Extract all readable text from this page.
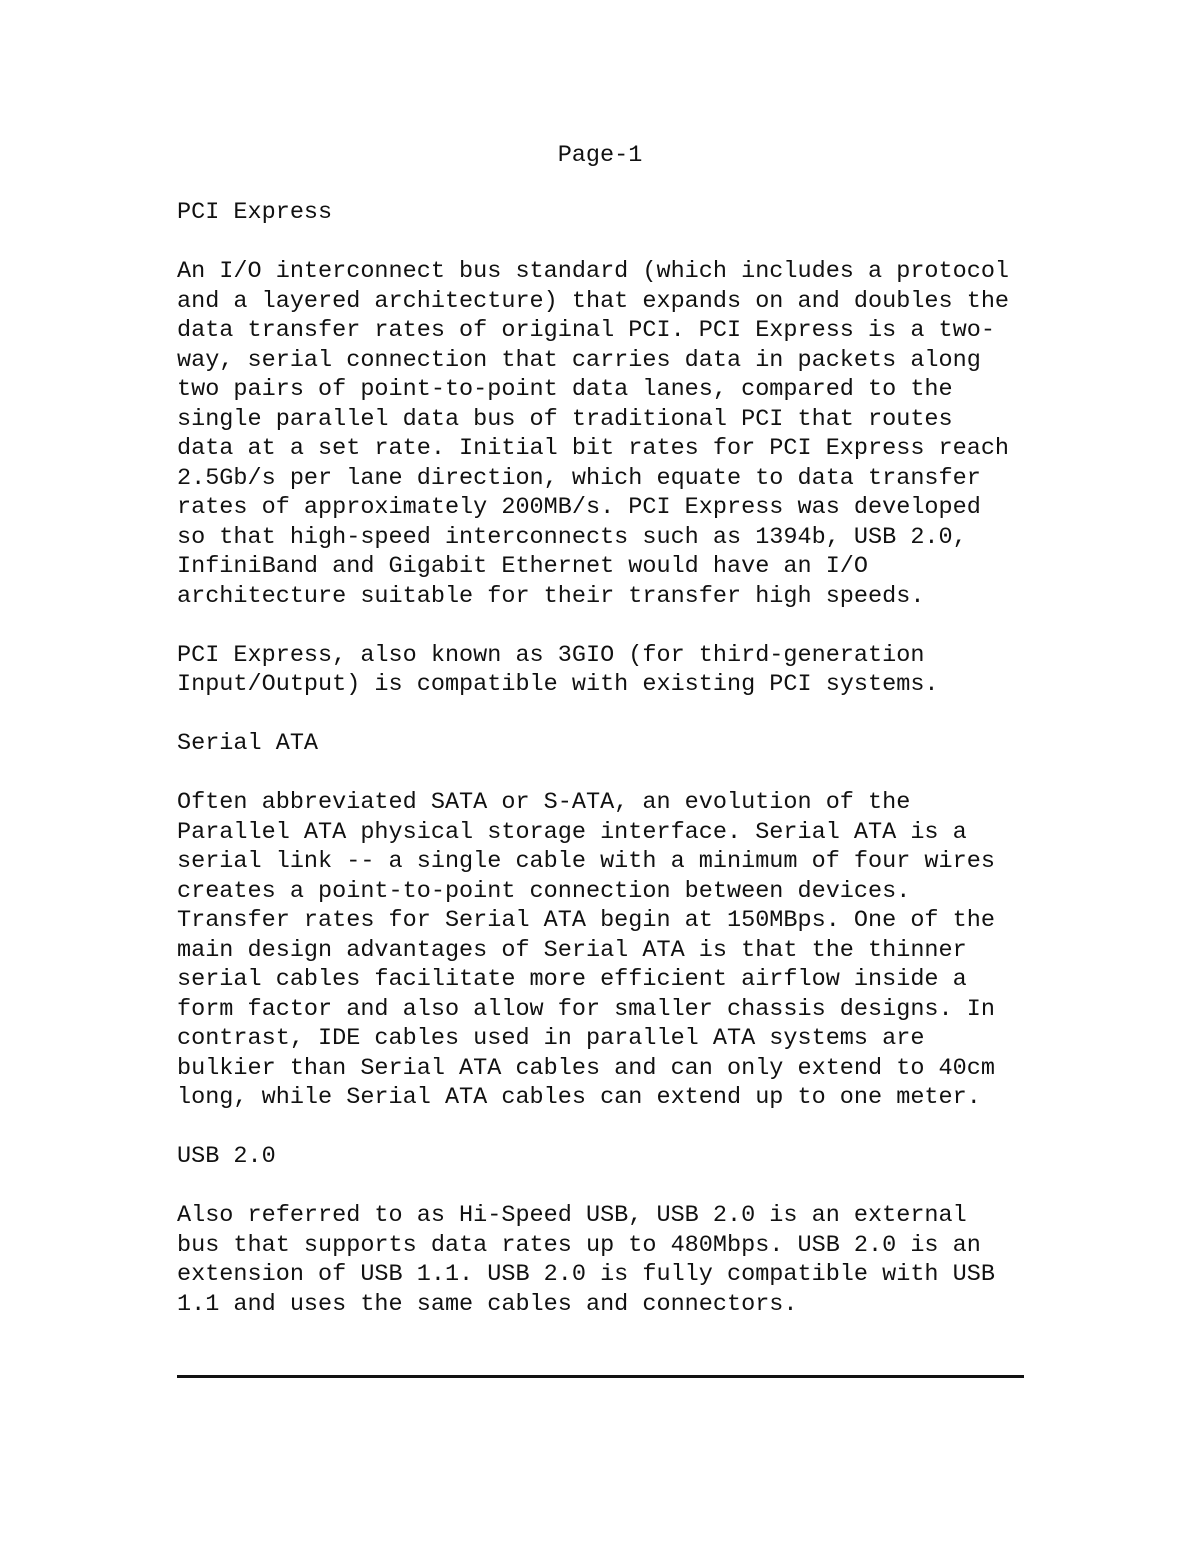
Page-1
PCI Express
An I/O interconnect bus standard (which includes a protocol
and a layered architecture) that expands on and doubles the
data transfer rates of original PCI. PCI Express is a two-
way, serial connection that carries data in packets along
two pairs of point-to-point data lanes, compared to the
single parallel data bus of traditional PCI that routes
data at a set rate. Initial bit rates for PCI Express reach
2.5Gb/s per lane direction, which equate to data transfer
rates of approximately 200MB/s. PCI Express was developed
so that high-speed interconnects such as 1394b, USB 2.0,
InfiniBand and Gigabit Ethernet would have an I/O
architecture suitable for their transfer high speeds.
PCI Express, also known as 3GIO (for third-generation
Input/Output) is compatible with existing PCI systems.
Serial ATA
Often abbreviated SATA or S-ATA, an evolution of the
Parallel ATA physical storage interface. Serial ATA is a
serial link -- a single cable with a minimum of four wires
creates a point-to-point connection between devices.
Transfer rates for Serial ATA begin at 150MBps. One of the
main design advantages of Serial ATA is that the thinner
serial cables facilitate more efficient airflow inside a
form factor and also allow for smaller chassis designs. In
contrast, IDE cables used in parallel ATA systems are
bulkier than Serial ATA cables and can only extend to 40cm
long, while Serial ATA cables can extend up to one meter.
USB 2.0
Also referred to as Hi-Speed USB, USB 2.0 is an external
bus that supports data rates up to 480Mbps. USB 2.0 is an
extension of USB 1.1. USB 2.0 is fully compatible with USB
1.1 and uses the same cables and connectors.
